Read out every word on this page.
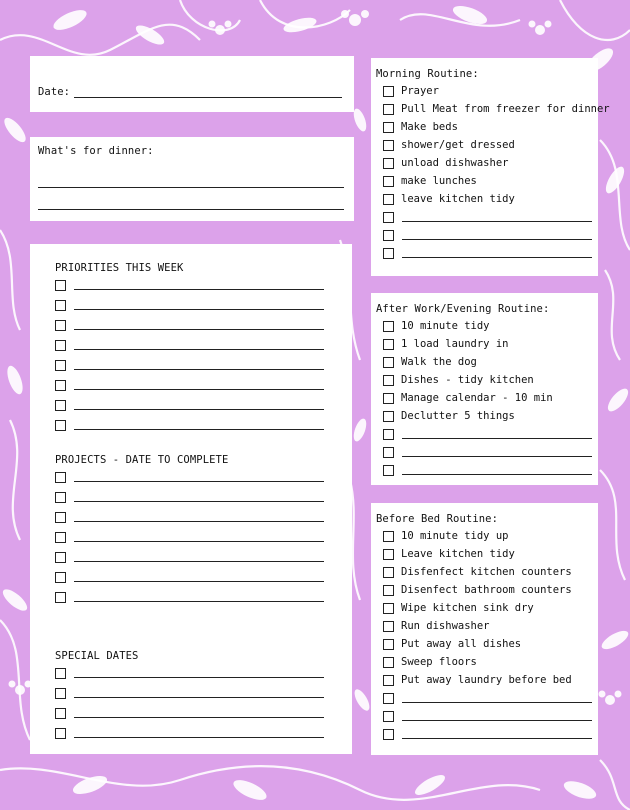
Date:
What's for dinner:
PRIORITIES THIS WEEK
PROJECTS - DATE TO COMPLETE
SPECIAL DATES
Morning Routine:
Prayer
Pull Meat from freezer for dinner
Make beds
shower/get dressed
unload dishwasher
make lunches
leave kitchen tidy
After Work/Evening Routine:
10 minute tidy
1 load laundry in
Walk the dog
Dishes - tidy kitchen
Manage calendar - 10 min
Declutter 5 things
Before Bed Routine:
10 minute tidy up
Leave kitchen tidy
Disfenfect kitchen counters
Disenfect bathroom counters
Wipe kitchen sink dry
Run dishwasher
Put away all dishes
Sweep floors
Put away laundry before bed
